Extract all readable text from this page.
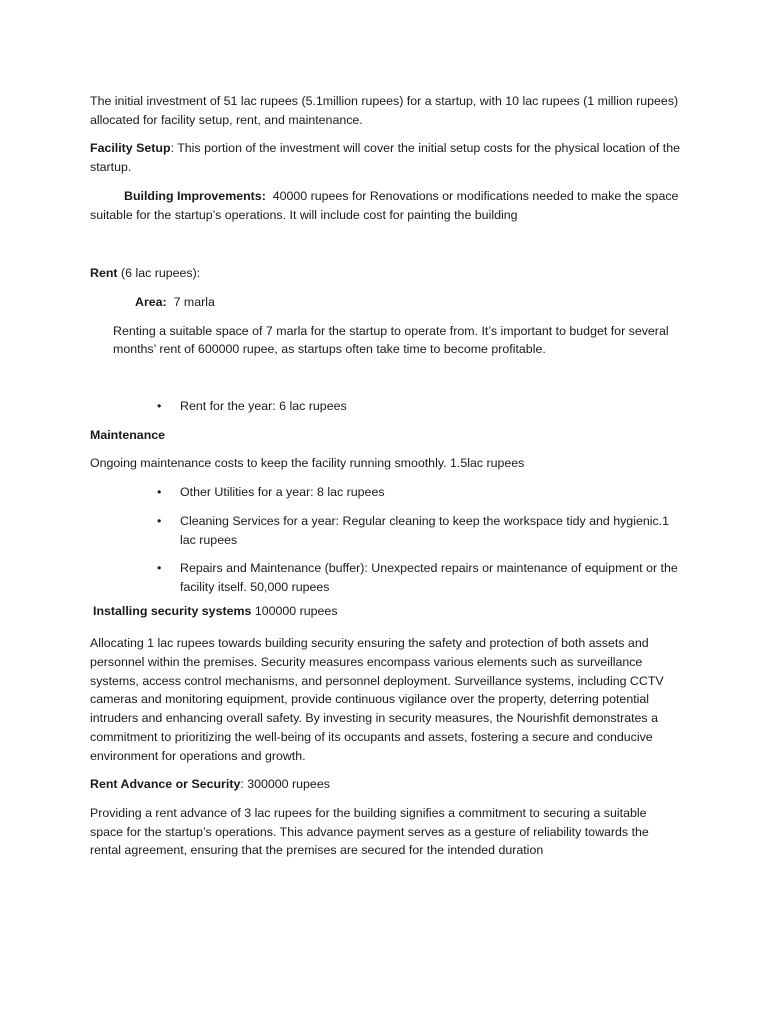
The initial investment of 51 lac rupees (5.1million rupees) for a startup, with 10 lac rupees (1 million rupees) allocated for facility setup, rent, and maintenance.

Facility Setup: This portion of the investment will cover the initial setup costs for the physical location of the startup.

Building Improvements:  40000 rupees for Renovations or modifications needed to make the space suitable for the startup’s operations. It will include cost for painting the building

Rent (6 lac rupees):

Area:  7 marla

Renting a suitable space of 7 marla for the startup to operate from. It’s important to budget for several months’ rent of 600000 rupee, as startups often take time to become profitable.

• Rent for the year: 6 lac rupees

Maintenance

Ongoing maintenance costs to keep the facility running smoothly. 1.5lac rupees

• Other Utilities for a year: 8 lac rupees
• Cleaning Services for a year: Regular cleaning to keep the workspace tidy and hygienic.1 lac rupees
• Repairs and Maintenance (buffer): Unexpected repairs or maintenance of equipment or the facility itself. 50,000 rupees

Installing security systems 100000 rupees

Allocating 1 lac rupees towards building security ensuring the safety and protection of both assets and personnel within the premises. Security measures encompass various elements such as surveillance systems, access control mechanisms, and personnel deployment. Surveillance systems, including CCTV cameras and monitoring equipment, provide continuous vigilance over the property, deterring potential intruders and enhancing overall safety. By investing in security measures, the Nourishfit demonstrates a commitment to prioritizing the well-being of its occupants and assets, fostering a secure and conducive environment for operations and growth.

Rent Advance or Security: 300000 rupees

Providing a rent advance of 3 lac rupees for the building signifies a commitment to securing a suitable space for the startup’s operations. This advance payment serves as a gesture of reliability towards the rental agreement, ensuring that the premises are secured for the intended duration
